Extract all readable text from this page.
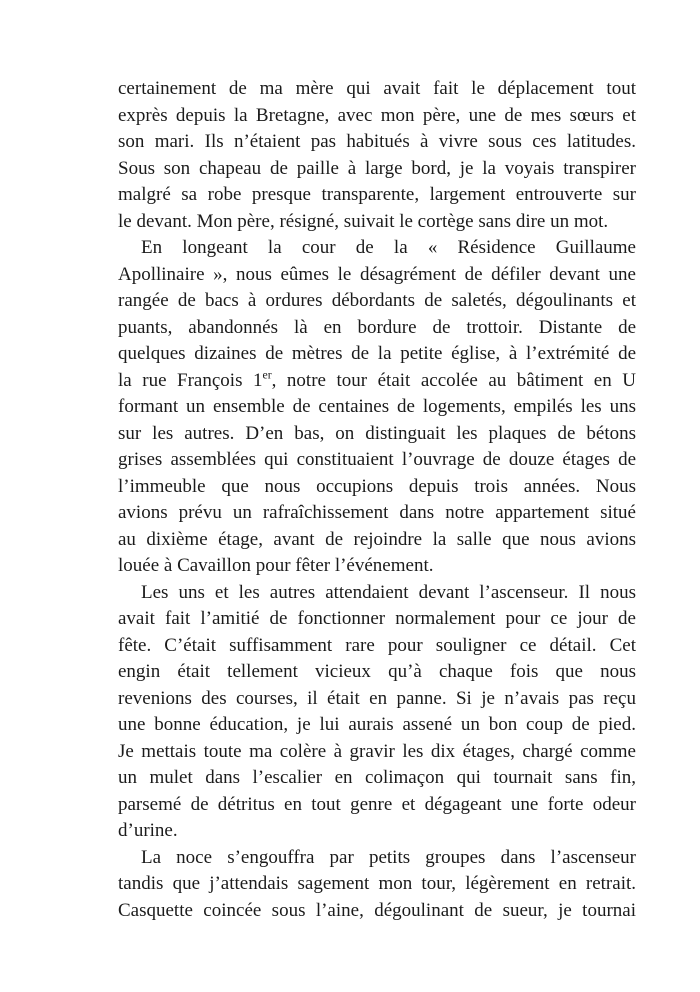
certainement de ma mère qui avait fait le déplacement tout
exprès depuis la Bretagne, avec mon père, une de mes sœurs et
son mari. Ils n’étaient pas habitués à vivre sous ces latitudes.
Sous son chapeau de paille à large bord, je la voyais transpirer
malgré sa robe presque transparente, largement entrouverte sur
le devant. Mon père, résigné, suivait le cortège sans dire un mot.
En longeant la cour de la « Résidence Guillaume
Apollinaire », nous eûmes le désagrément de défiler devant une
rangée de bacs à ordures débordants de saletés, dégoulinants et
puants, abandonnés là en bordure de trottoir. Distante de
quelques dizaines de mètres de la petite église, à l’extrémité de
la rue François 1er, notre tour était accolée au bâtiment en U
formant un ensemble de centaines de logements, empilés les uns
sur les autres. D’en bas, on distinguait les plaques de bétons
grises assemblées qui constituaient l’ouvrage de douze étages de
l’immeuble que nous occupions depuis trois années. Nous
avions prévu un rafraîchissement dans notre appartement situé
au dixième étage, avant de rejoindre la salle que nous avions
louée à Cavaillon pour fêter l’événement.
Les uns et les autres attendaient devant l’ascenseur. Il nous
avait fait l’amitié de fonctionner normalement pour ce jour de
fête. C’était suffisamment rare pour souligner ce détail. Cet
engin était tellement vicieux qu’à chaque fois que nous
revenions des courses, il était en panne. Si je n’avais pas reçu
une bonne éducation, je lui aurais assené un bon coup de pied.
Je mettais toute ma colère à gravir les dix étages, chargé comme
un mulet dans l’escalier en colimaçon qui tournait sans fin,
parsemé de détritus en tout genre et dégageant une forte odeur
d’urine.
La noce s’engouffra par petits groupes dans l’ascenseur
tandis que j’attendais sagement mon tour, légèrement en retrait.
Casquette coincée sous l’aine, dégoulinant de sueur, je tournai
